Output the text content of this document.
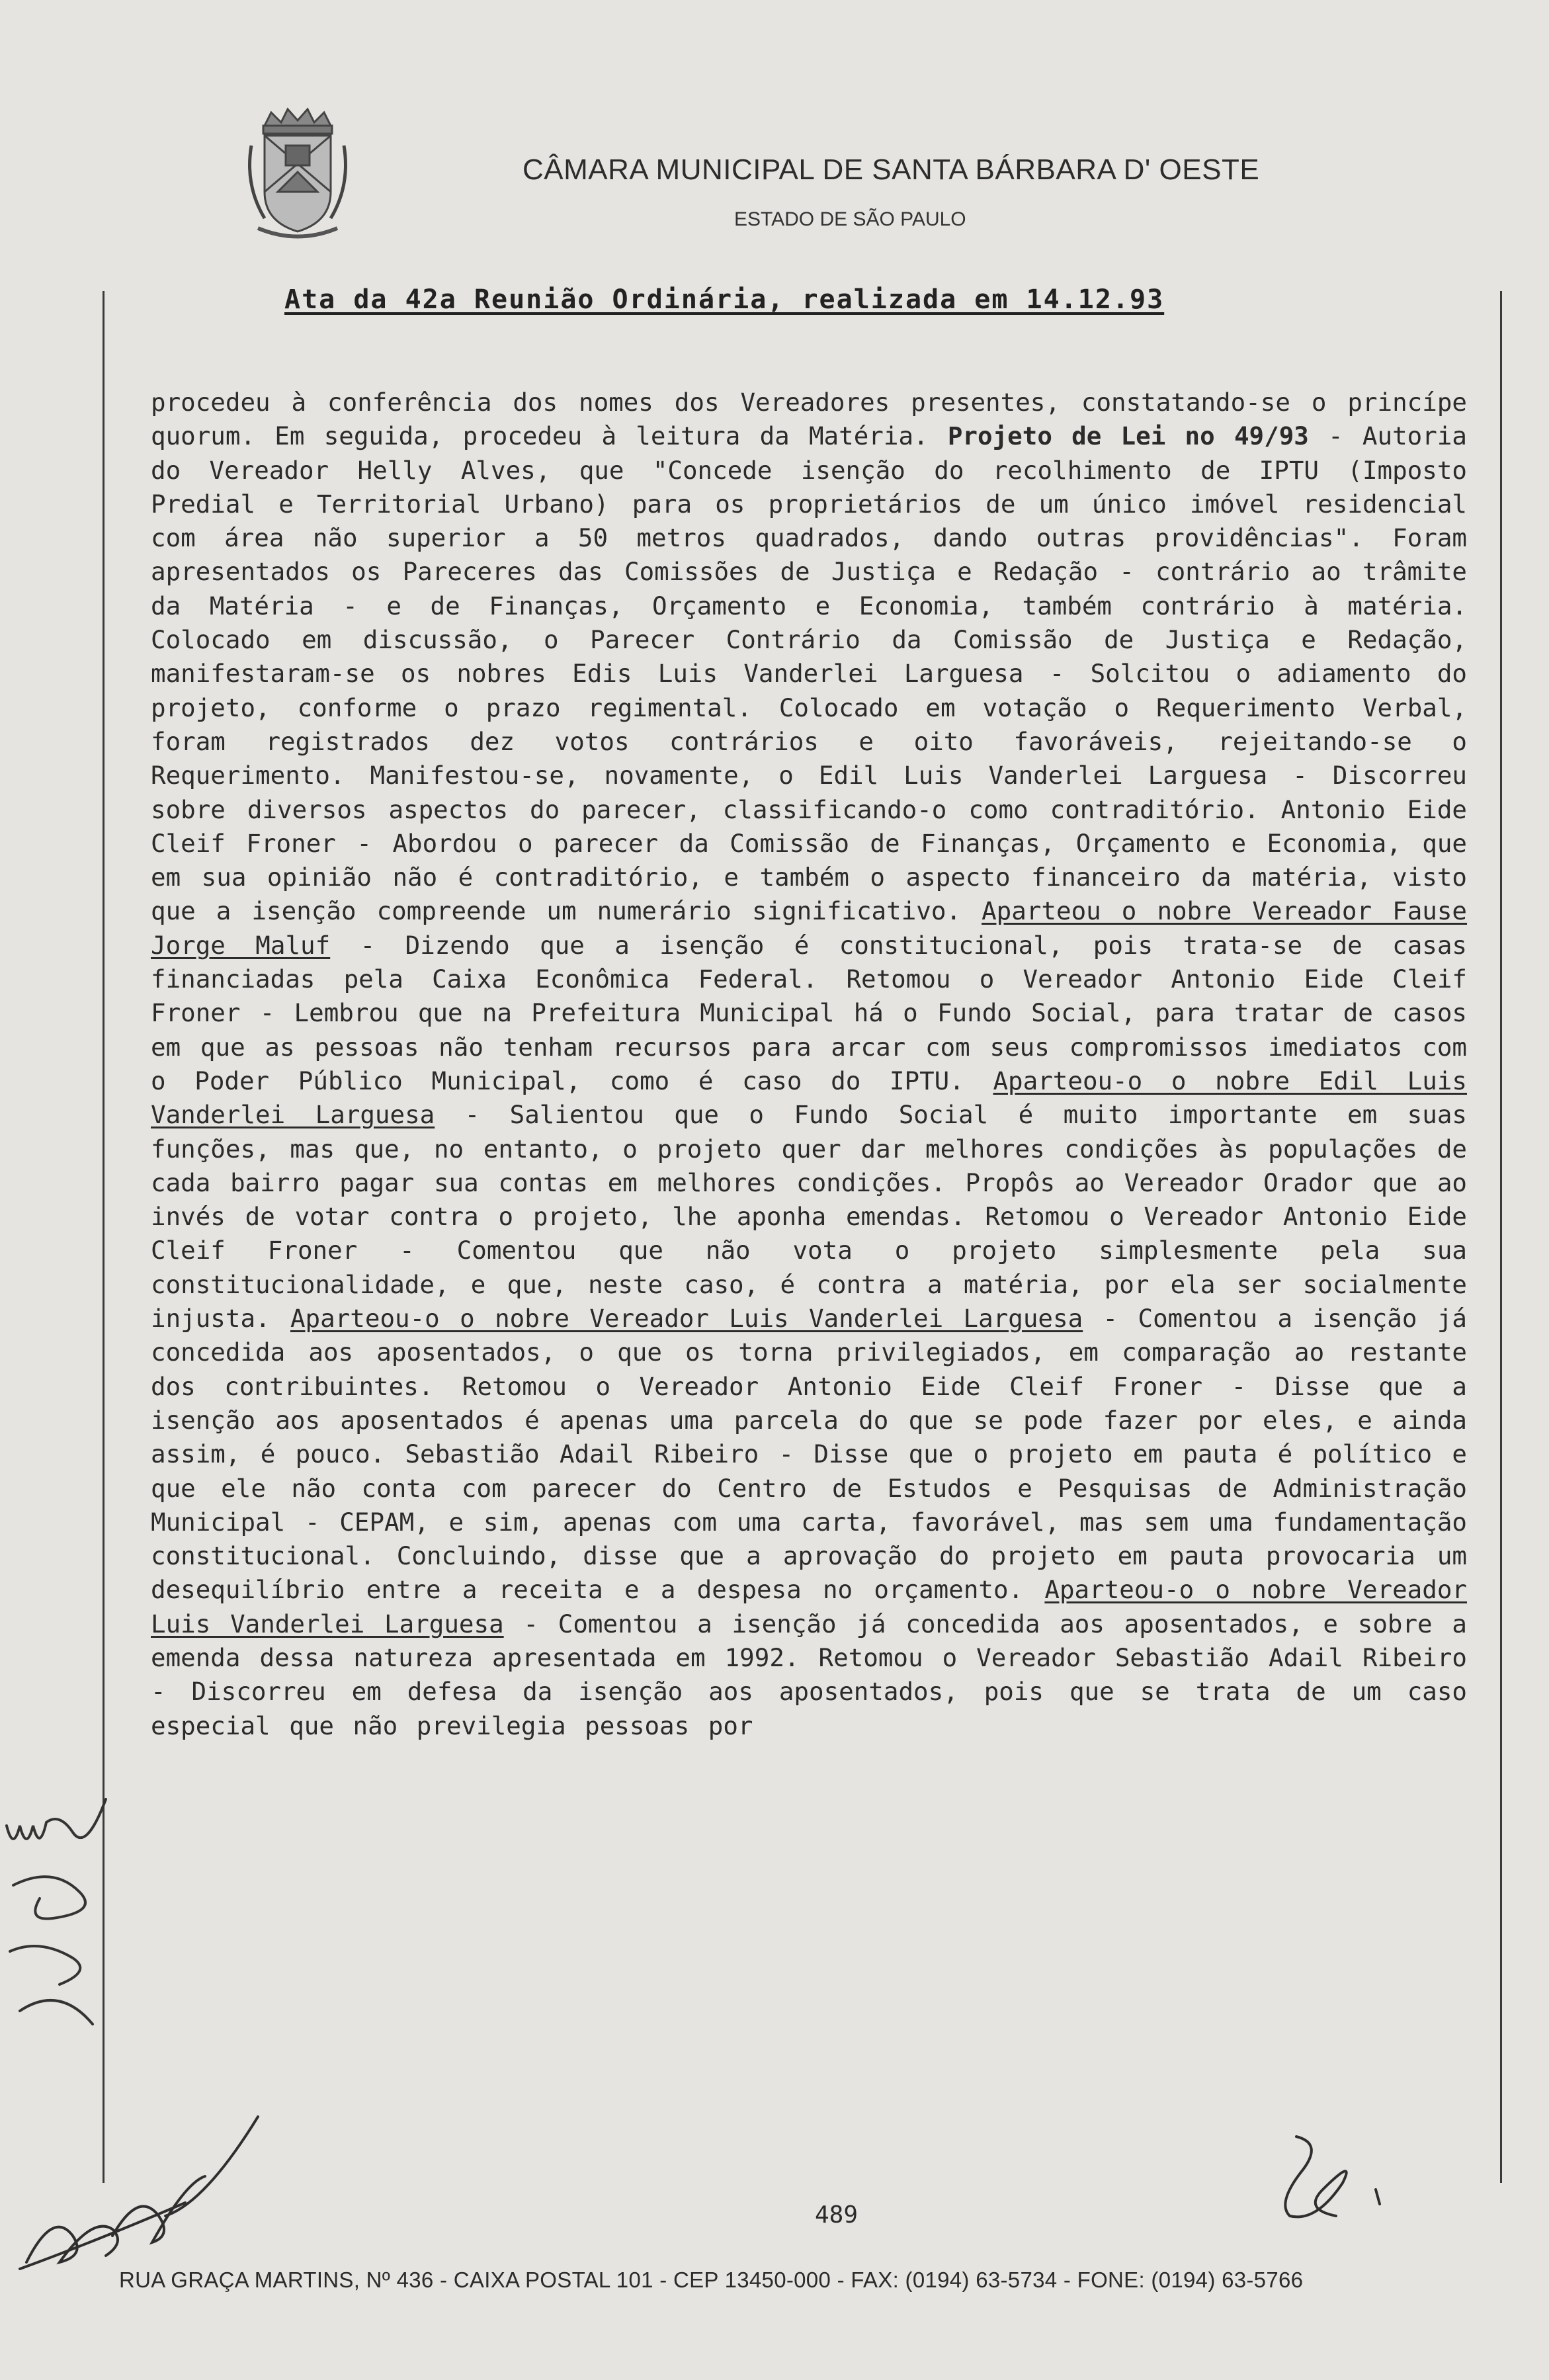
CÂMARA MUNICIPAL DE SANTA BÁRBARA D' OESTE
ESTADO DE SÃO PAULO
Ata da 42a Reunião Ordinária, realizada em 14.12.93
procedeu à conferência dos nomes dos Vereadores presentes, constatando-se o princípe quorum. Em seguida, procedeu à leitura da Matéria. Projeto de Lei no 49/93 - Autoria do Vereador Helly Alves, que "Concede isenção do recolhimento de IPTU (Imposto Predial e Territorial Urbano) para os proprietários de um único imóvel residencial com área não superior a 50 metros quadrados, dando outras providências". Foram apresentados os Pareceres das Comissões de Justiça e Redação - contrário ao trâmite da Matéria - e de Finanças, Orçamento e Economia, também contrário à matéria. Colocado em discussão, o Parecer Contrário da Comissão de Justiça e Redação, manifestaram-se os nobres Edis Luis Vanderlei Larguesa - Solcitou o adiamento do projeto, conforme o prazo regimental. Colocado em votação o Requerimento Verbal, foram registrados dez votos contrários e oito favoráveis, rejeitando-se o Requerimento. Manifestou-se, novamente, o Edil Luis Vanderlei Larguesa - Discorreu sobre diversos aspectos do parecer, classificando-o como contraditório. Antonio Eide Cleif Froner - Abordou o parecer da Comissão de Finanças, Orçamento e Economia, que em sua opinião não é contraditório, e também o aspecto financeiro da matéria, visto que a isenção compreende um numerário significativo. Aparteou o nobre Vereador Fause Jorge Maluf - Dizendo que a isenção é constitucional, pois trata-se de casas financiadas pela Caixa Econômica Federal. Retomou o Vereador Antonio Eide Cleif Froner - Lembrou que na Prefeitura Municipal há o Fundo Social, para tratar de casos em que as pessoas não tenham recursos para arcar com seus compromissos imediatos com o Poder Público Municipal, como é caso do IPTU. Aparteou-o o nobre Edil Luis Vanderlei Larguesa - Salientou que o Fundo Social é muito importante em suas funções, mas que, no entanto, o projeto quer dar melhores condições às populações de cada bairro pagar sua contas em melhores condições. Propôs ao Vereador Orador que ao invés de votar contra o projeto, lhe aponha emendas. Retomou o Vereador Antonio Eide Cleif Froner - Comentou que não vota o projeto simplesmente pela sua constitucionalidade, e que, neste caso, é contra a matéria, por ela ser socialmente injusta. Aparteou-o o nobre Vereador Luis Vanderlei Larguesa - Comentou a isenção já concedida aos aposentados, o que os torna privilegiados, em comparação ao restante dos contribuintes. Retomou o Vereador Antonio Eide Cleif Froner - Disse que a isenção aos aposentados é apenas uma parcela do que se pode fazer por eles, e ainda assim, é pouco. Sebastião Adail Ribeiro - Disse que o projeto em pauta é político e que ele não conta com parecer do Centro de Estudos e Pesquisas de Administração Municipal - CEPAM, e sim, apenas com uma carta, favorável, mas sem uma fundamentação constitucional. Concluindo, disse que a aprovação do projeto em pauta provocaria um desequilíbrio entre a receita e a despesa no orçamento. Aparteou-o o nobre Vereador Luis Vanderlei Larguesa - Comentou a isenção já concedida aos aposentados, e sobre a emenda dessa natureza apresentada em 1992. Retomou o Vereador Sebastião Adail Ribeiro - Discorreu em defesa da isenção aos aposentados, pois que se trata de um caso especial que não previlegia pessoas por
489
RUA GRAÇA MARTINS, Nº 436 - CAIXA POSTAL 101 - CEP 13450-000 - FAX: (0194) 63-5734 - FONE: (0194) 63-5766
